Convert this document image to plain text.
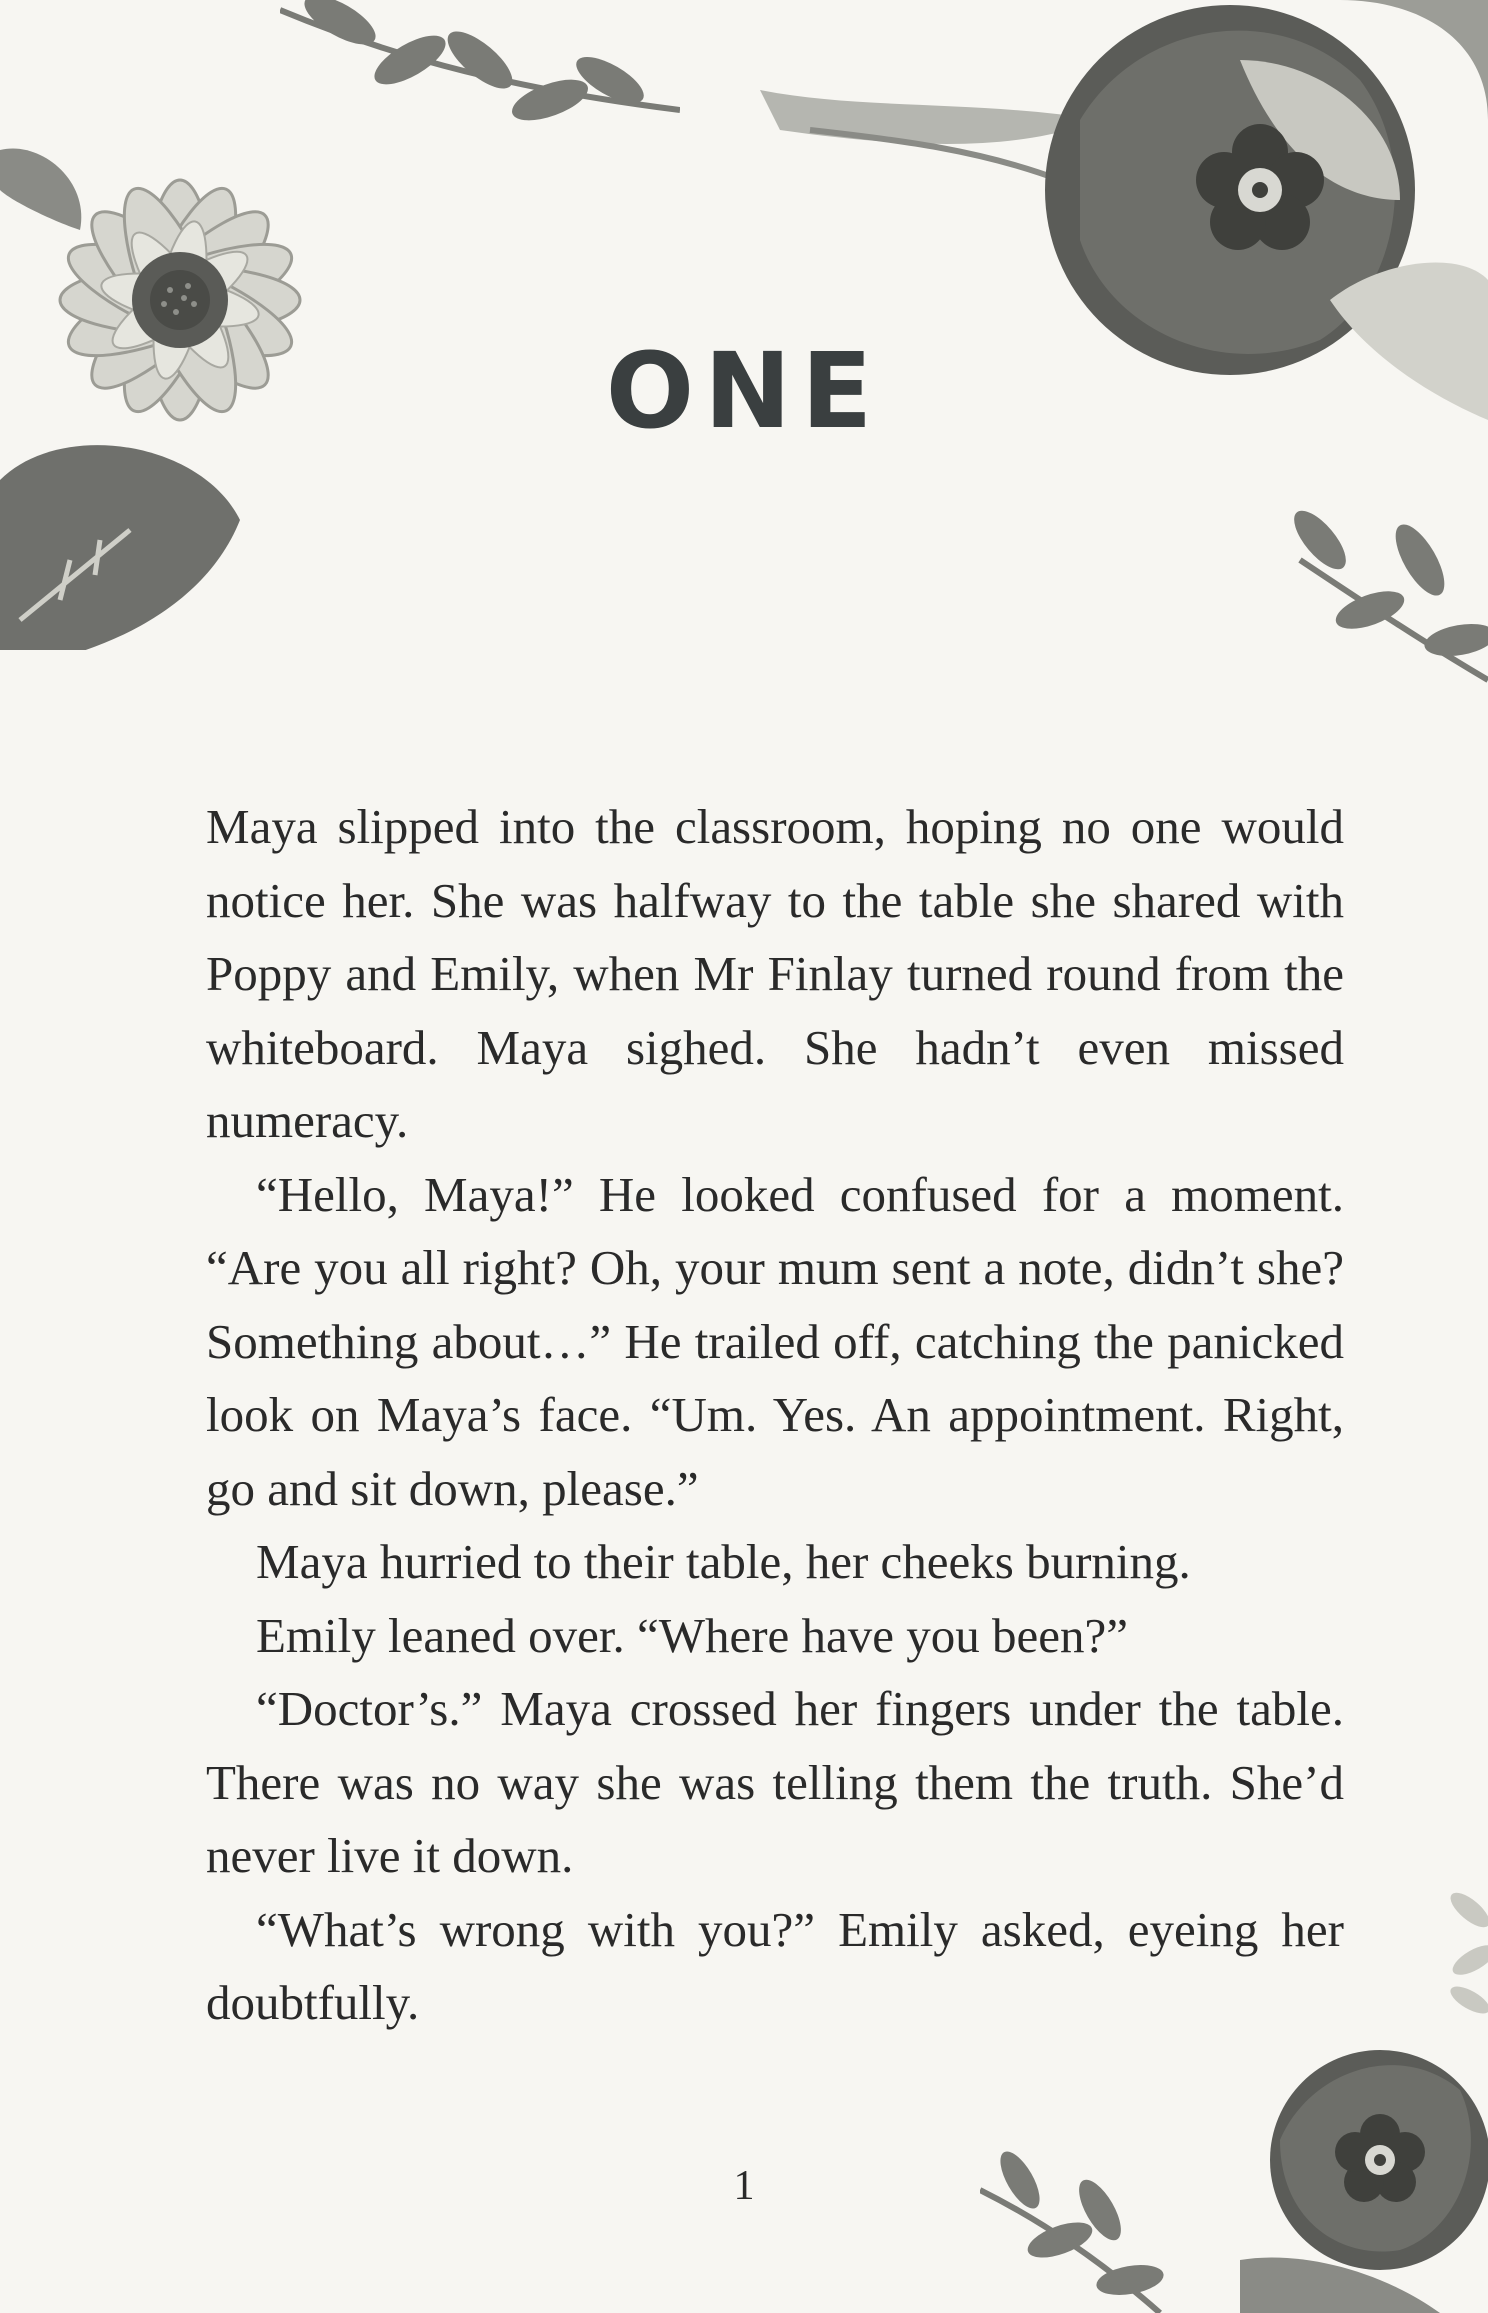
ONE

Maya slipped into the classroom, hoping no one would notice her. She was halfway to the table she shared with Poppy and Emily, when Mr Finlay turned round from the whiteboard. Maya sighed. She hadn’t even missed numeracy.

“Hello, Maya!” He looked confused for a moment. “Are you all right? Oh, your mum sent a note, didn’t she? Something about…” He trailed off, catching the panicked look on Maya’s face. “Um. Yes. An appointment. Right, go and sit down, please.”

Maya hurried to their table, her cheeks burning.

Emily leaned over. “Where have you been?”

“Doctor’s.” Maya crossed her fingers under the table. There was no way she was telling them the truth. She’d never live it down.

“What’s wrong with you?” Emily asked, eyeing her doubtfully.

1
